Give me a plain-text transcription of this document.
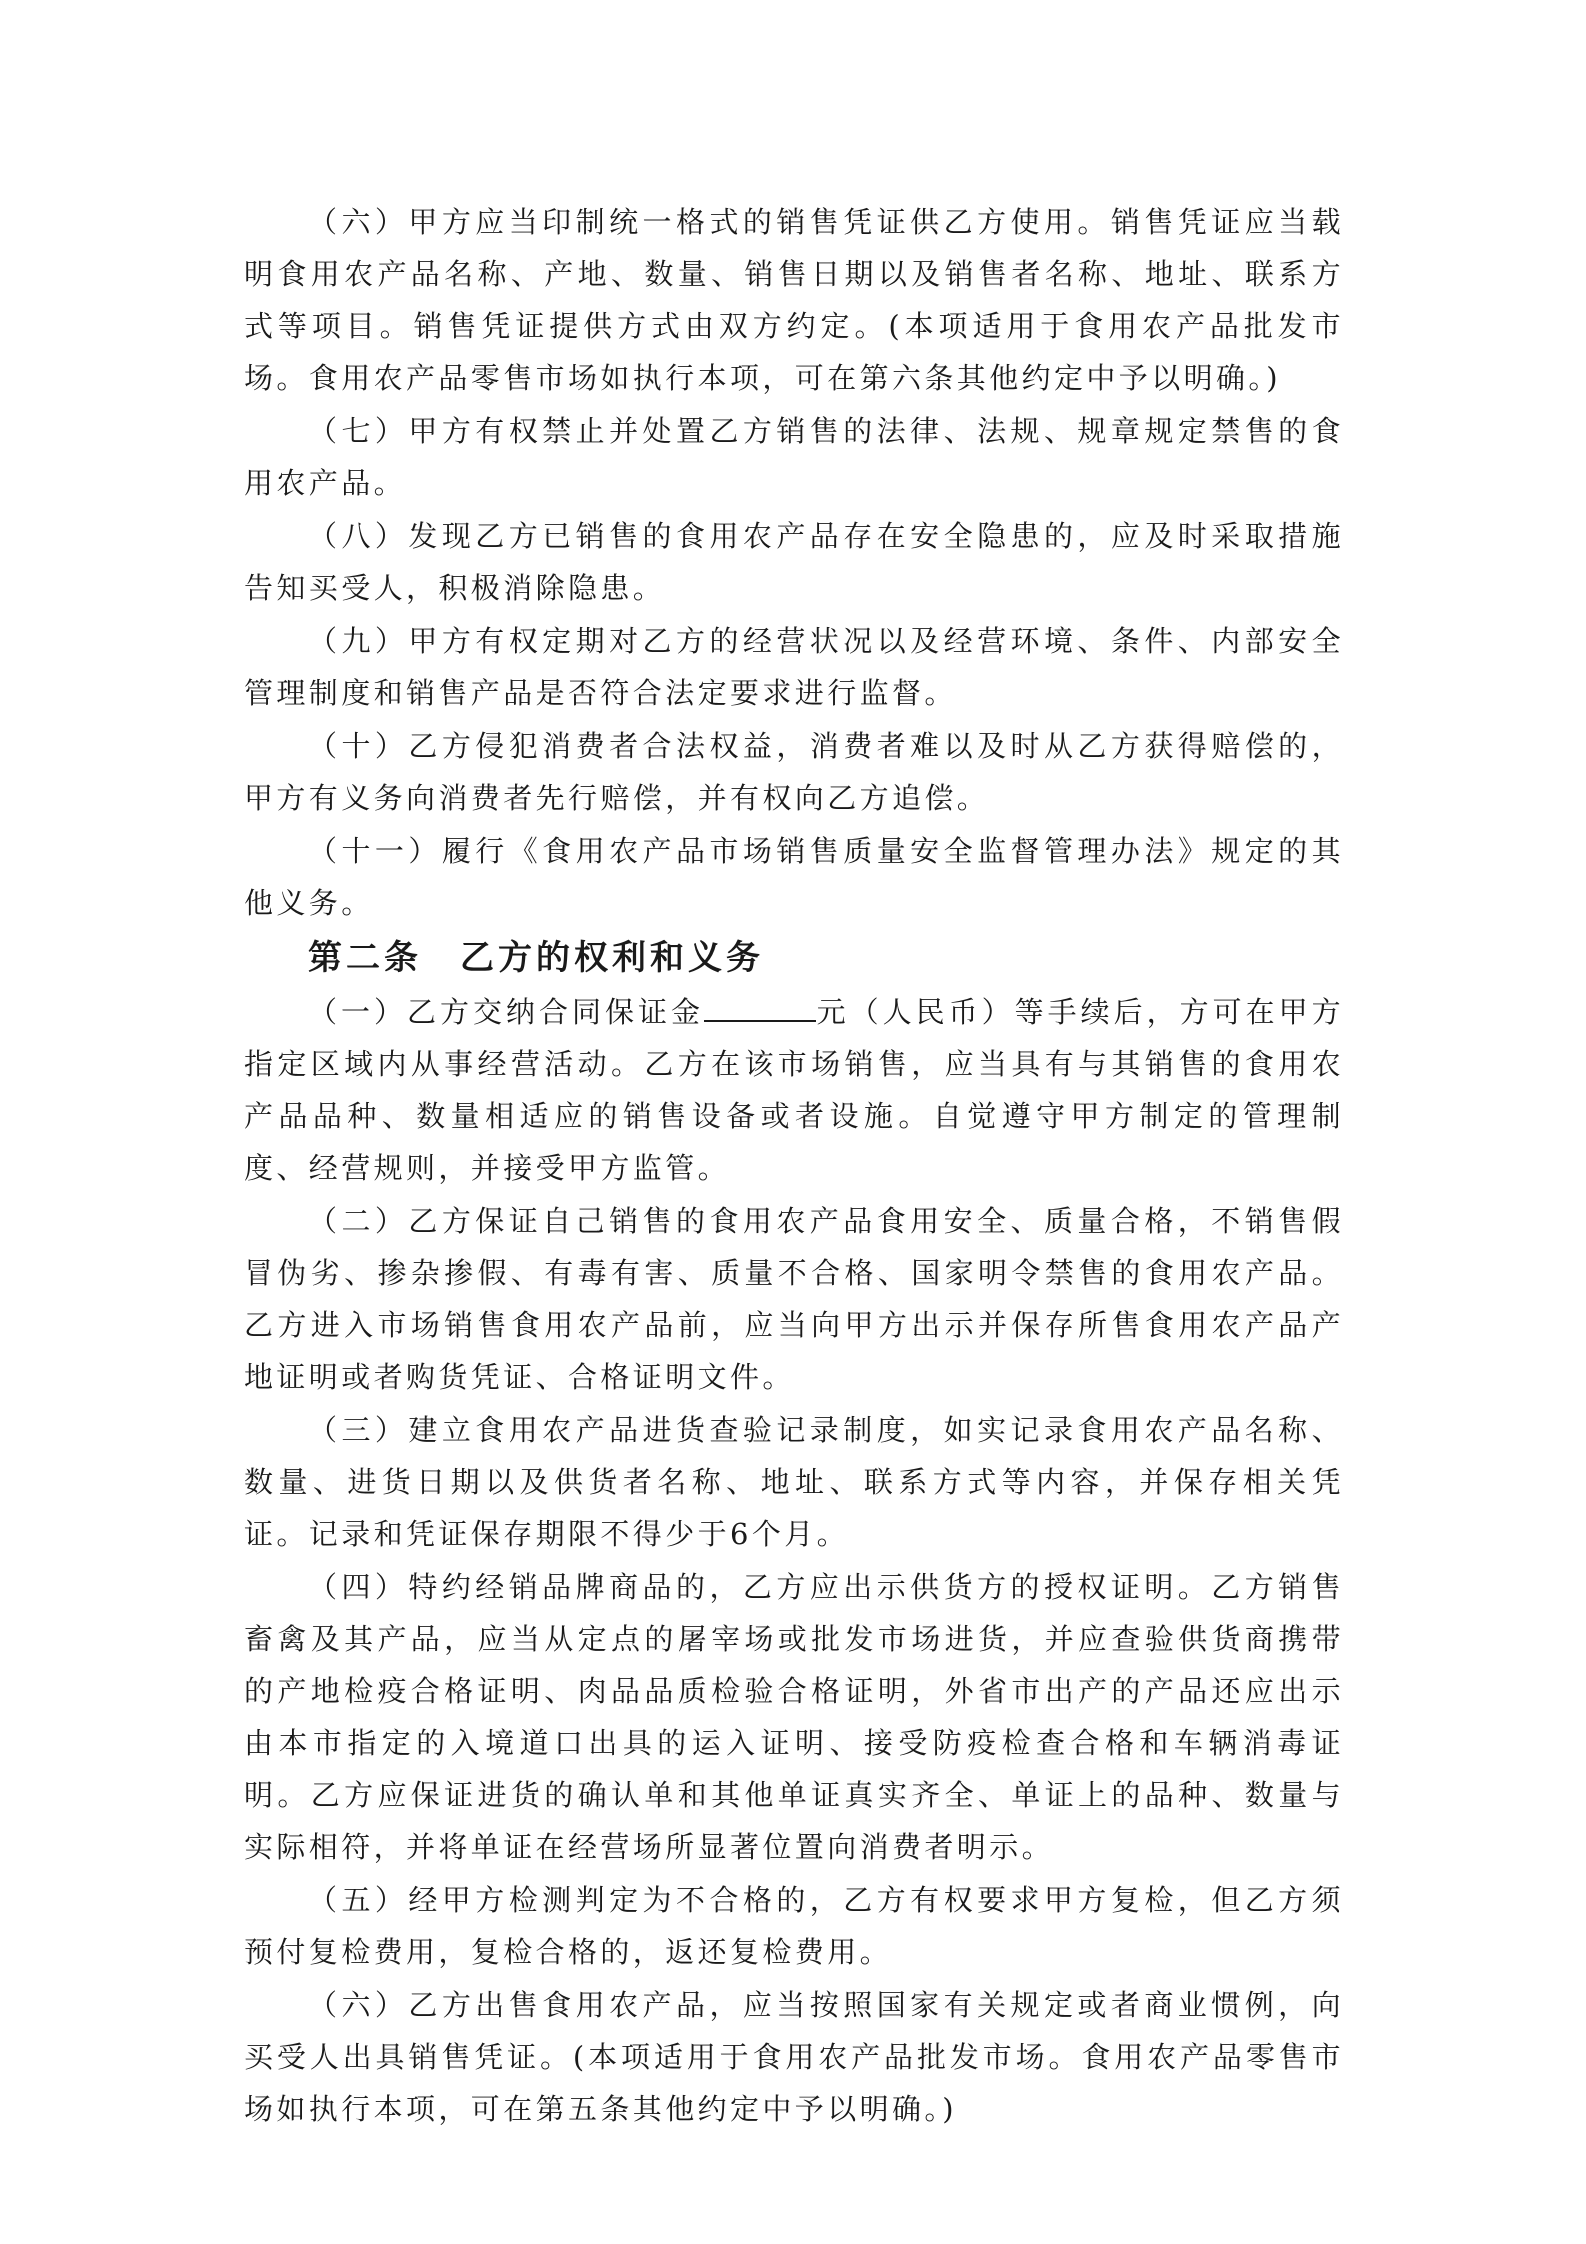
（六）甲方应当印制统一格式的销售凭证供乙方使用。销售凭证应当载明食用农产品名称、产地、数量、销售日期以及销售者名称、地址、联系方式等项目。销售凭证提供方式由双方约定。(本项适用于食用农产品批发市场。食用农产品零售市场如执行本项，可在第六条其他约定中予以明确。)

（七）甲方有权禁止并处置乙方销售的法律、法规、规章规定禁售的食用农产品。

（八）发现乙方已销售的食用农产品存在安全隐患的，应及时采取措施告知买受人，积极消除隐患。

（九）甲方有权定期对乙方的经营状况以及经营环境、条件、内部安全管理制度和销售产品是否符合法定要求进行监督。

（十）乙方侵犯消费者合法权益，消费者难以及时从乙方获得赔偿的，甲方有义务向消费者先行赔偿，并有权向乙方追偿。

（十一）履行《食用农产品市场销售质量安全监督管理办法》规定的其他义务。

第二条　乙方的权利和义务

（一）乙方交纳合同保证金	元（人民币）等手续后，方可在甲方指定区域内从事经营活动。乙方在该市场销售，应当具有与其销售的食用农产品品种、数量相适应的销售设备或者设施。自觉遵守甲方制定的管理制度、经营规则，并接受甲方监管。

（二）乙方保证自己销售的食用农产品食用安全、质量合格，不销售假冒伪劣、掺杂掺假、有毒有害、质量不合格、国家明令禁售的食用农产品。乙方进入市场销售食用农产品前，应当向甲方出示并保存所售食用农产品产地证明或者购货凭证、合格证明文件。

（三）建立食用农产品进货查验记录制度，如实记录食用农产品名称、数量、进货日期以及供货者名称、地址、联系方式等内容，并保存相关凭证。记录和凭证保存期限不得少于6个月。

（四）特约经销品牌商品的，乙方应出示供货方的授权证明。乙方销售畜禽及其产品，应当从定点的屠宰场或批发市场进货，并应查验供货商携带的产地检疫合格证明、肉品品质检验合格证明，外省市出产的产品还应出示由本市指定的入境道口出具的运入证明、接受防疫检查合格和车辆消毒证明。乙方应保证进货的确认单和其他单证真实齐全、单证上的品种、数量与实际相符，并将单证在经营场所显著位置向消费者明示。

（五）经甲方检测判定为不合格的，乙方有权要求甲方复检，但乙方须预付复检费用，复检合格的，返还复检费用。

（六）乙方出售食用农产品，应当按照国家有关规定或者商业惯例，向买受人出具销售凭证。(本项适用于食用农产品批发市场。食用农产品零售市场如执行本项，可在第五条其他约定中予以明确。)
